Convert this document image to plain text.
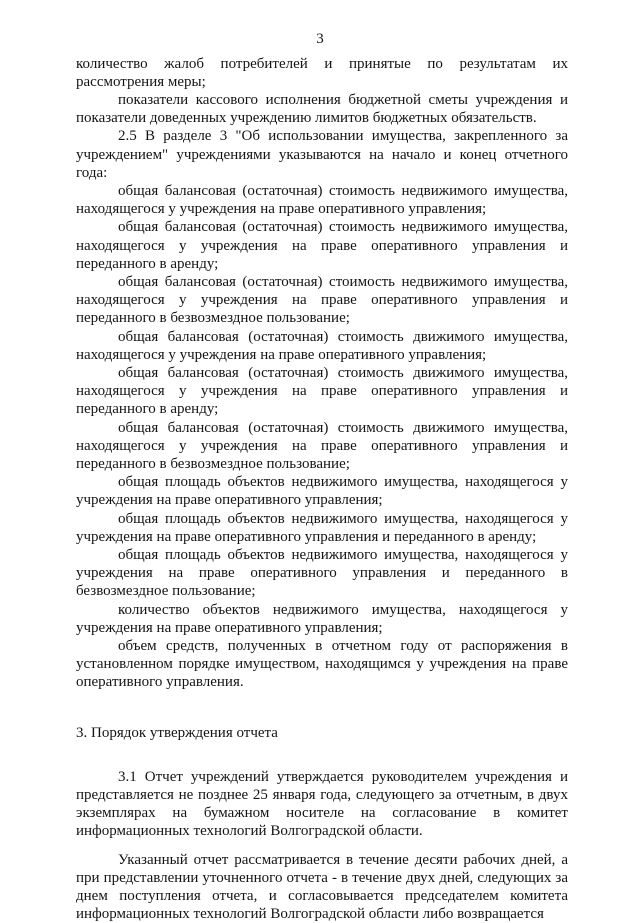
3

количество жалоб потребителей и принятые по результатам их рассмотрения меры;

показатели кассового исполнения бюджетной сметы учреждения и показатели доведенных учреждению лимитов бюджетных обязательств.

2.5 В разделе 3 "Об использовании имущества, закрепленного за учреждением" учреждениями указываются на начало и конец отчетного года:

общая балансовая (остаточная) стоимость недвижимого имущества, находящегося у учреждения на праве оперативного управления;

общая балансовая (остаточная) стоимость недвижимого имущества, находящегося у учреждения на праве оперативного управления и переданного в аренду;

общая балансовая (остаточная) стоимость недвижимого имущества, находящегося у учреждения на праве оперативного управления и переданного в безвозмездное пользование;

общая балансовая (остаточная) стоимость движимого имущества, находящегося у учреждения на праве оперативного управления;

общая балансовая (остаточная) стоимость движимого имущества, находящегося у учреждения на праве оперативного управления и переданного в аренду;

общая балансовая (остаточная) стоимость движимого имущества, находящегося у учреждения на праве оперативного управления и переданного в безвозмездное пользование;

общая площадь объектов недвижимого имущества, находящегося у учреждения на праве оперативного управления;

общая площадь объектов недвижимого имущества, находящегося у учреждения на праве оперативного управления и переданного в аренду;

общая площадь объектов недвижимого имущества, находящегося у учреждения на праве оперативного управления и переданного в безвозмездное пользование;

количество объектов недвижимого имущества, находящегося у учреждения на праве оперативного управления;

объем средств, полученных в отчетном году от распоряжения в установленном порядке имуществом, находящимся у учреждения на праве оперативного управления.

3. Порядок утверждения отчета

3.1 Отчет учреждений утверждается руководителем учреждения и представляется не позднее 25 января года, следующего за отчетным, в двух экземплярах на бумажном носителе на согласование в комитет информационных технологий Волгоградской области.

Указанный отчет рассматривается в течение десяти рабочих дней, а при представлении уточненного отчета - в течение двух дней, следующих за днем поступления отчета, и согласовывается председателем комитета информационных технологий Волгоградской области либо возвращается
